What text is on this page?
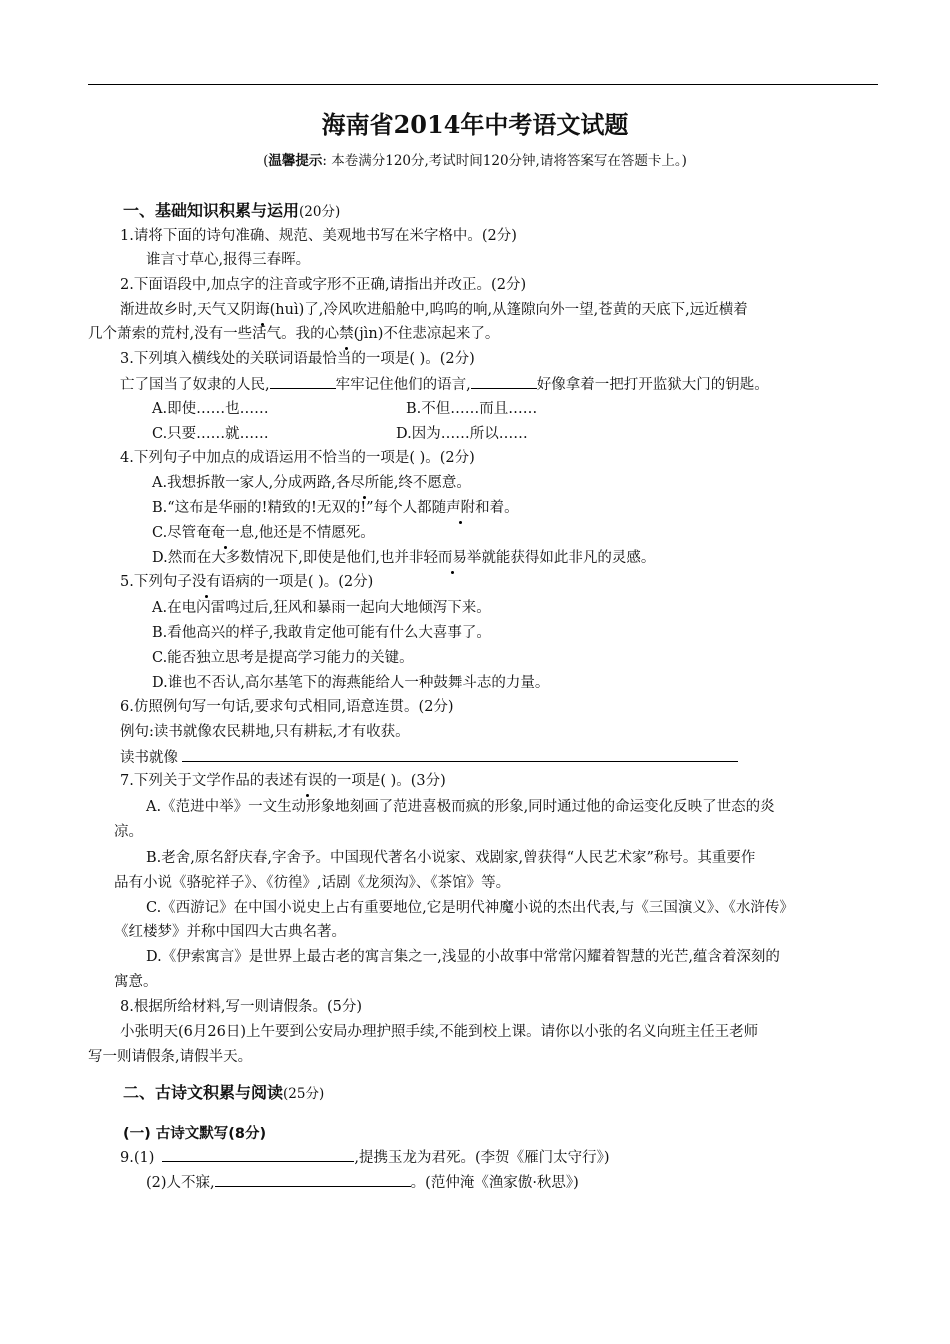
海南省2014年中考语文试题
(温馨提示: 本卷满分120分,考试时间120分钟,请将答案写在答题卡上。)
一、基础知识积累与运用(20分)
1.请将下面的诗句准确、规范、美观地书写在米字格中。(2分)
谁言寸草心,报得三春晖。
2.下面语段中,加点字的注音或字形不正确,请指出并改正。(2分)
渐进故乡时,天气又阴诲
(huì)了,冷风吹进船舱中,呜呜的响,从篷隙向外一望,苍黄的天底下,远近横着
几个萧索的荒村,没有一些活气。我的心禁
(jìn)不住悲凉起来了。
3.下列填入横线处的关联词语最恰当的一项是( )。(2分)
亡了国当了奴隶的人民,	牢牢记住他们的语言,	好像拿着一把打开监狱大门的钥匙。
A.即使……也……	B.不但……而且……
C.只要……就……	D.因为……所以……
4.下列句子中加点的成语运用不恰当的一项是( )。(2分)
A.我想拆散一家人,分成两路,各尽所能
,终不愿意。
B.“这布是华丽的!精致的!无双的!”每个人都随声附和
着。
C.尽管奄奄一息
,他还是不情愿死。
D.然而在大多数情况下,即使是他们,也并非轻而易举
就能获得如此非凡的灵感。
5.下列句子没有
语病的一项是( )。(2分)
A.在电闪雷鸣过后,狂风和暴雨一起向大地倾泻下来。
B.看他高兴的样子,我敢肯定他可能有什么大喜事了。
C.能否独立思考是提高学习能力的关键。
D.谁也不否认,高尔基笔下的海燕能给人一种鼓舞斗志的力量。
6.仿照例句写一句话,要求句式相同,语意连贯。(2分)
例句:读书就像农民耕地,只有耕耘,才有收获。
读书就像
7.下列关于文学作品的表述有误
的一项是( )。(3分)
A.《范进中举》一文生动形象地刻画了范进喜极而疯的形象,同时通过他的命运变化反映了世态的炎
凉。
B.老舍,原名舒庆春,字舍予。中国现代著名小说家、戏剧家,曾获得“人民艺术家”称号。其重要作
品有小说《骆驼祥子》、《彷徨》,话剧《龙须沟》、《茶馆》等。
C.《西游记》在中国小说史上占有重要地位,它是明代神魔小说的杰出代表,与《三国演义》、《水浒传》
《红楼梦》并称中国四大古典名著。
D.《伊索寓言》是世界上最古老的寓言集之一,浅显的小故事中常常闪耀着智慧的光芒,蕴含着深刻的
寓意。
8.根据所给材料,写一则请假条。(5分)
小张明天(6月26日)上午要到公安局办理护照手续,不能到校上课。请你以小张的名义向班主任王老师
写一则请假条,请假半天。
二、古诗文积累与阅读(25分)
(一) 古诗文默写(8分)
9.(1)	,提携玉龙为君死。(李贺《雁门太守行》)
(2)人不寐,	。(范仲淹《渔家傲·秋思》)
